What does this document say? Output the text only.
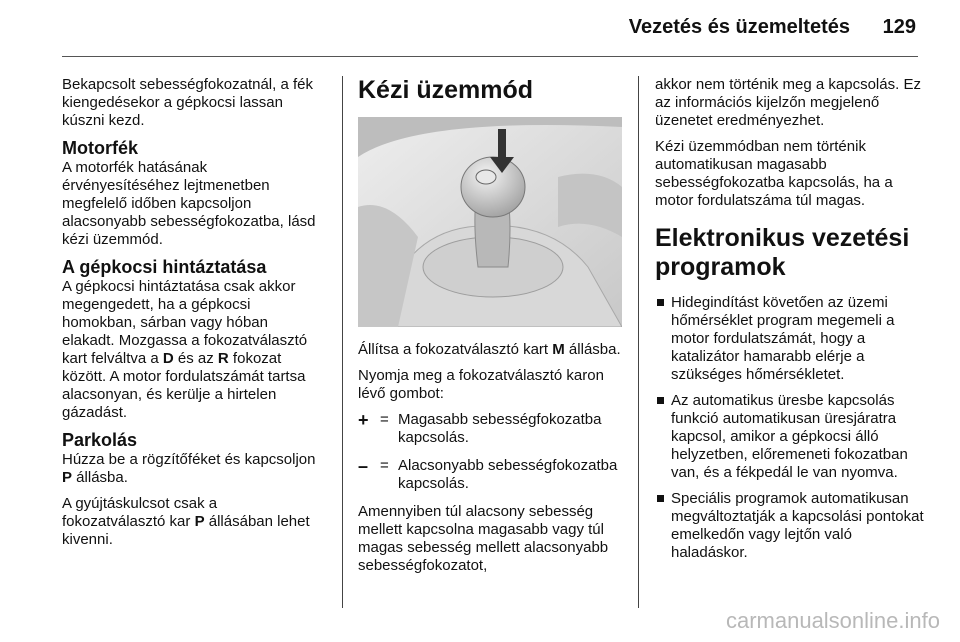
Vezetés és üzemeltetés 129

Bekapcsolt sebességfokozatnál, a fék kiengedésekor a gépkocsi lassan kúszni kezd.

Motorfék

A motorfék hatásának érvényesítéséhez lejtmenetben megfelelő időben kapcsoljon alacsonyabb sebességfokozatba, lásd kézi üzemmód.

A gépkocsi hintáztatása

A gépkocsi hintáztatása csak akkor megengedett, ha a gépkocsi homokban, sárban vagy hóban elakadt. Mozgassa a fokozatválasztó kart felváltva a D és az R fokozat között. A motor fordulatszámát tartsa alacsonyan, és kerülje a hirtelen gázadást.

Parkolás

Húzza be a rögzítőféket és kapcsoljon P állásba.

A gyújtáskulcsot csak a fokozatválasztó kar P állásában lehet kivenni.

Kézi üzemmód

Állítsa a fokozatválasztó kart M állásba.

Nyomja meg a fokozatválasztó karon lévő gombot:

+ = Magasabb sebességfokozatba kapcsolás.
– = Alacsonyabb sebességfokozatba kapcsolás.

Amennyiben túl alacsony sebesség mellett kapcsolna magasabb vagy túl magas sebesség mellett alacsonyabb sebességfokozatot,

akkor nem történik meg a kapcsolás. Ez az információs kijelzőn megjelenő üzenetet eredményezhet.

Kézi üzemmódban nem történik automatikusan magasabb sebességfokozatba kapcsolás, ha a motor fordulatszáma túl magas.

Elektronikus vezetési programok
Hidegindítást követően az üzemi hőmérséklet program megemeli a motor fordulatszámát, hogy a katalizátor hamarabb elérje a szükséges hőmérsékletet.
Az automatikus üresbe kapcsolás funkció automatikusan üresjáratra kapcsol, amikor a gépkocsi álló helyzetben, előremeneti fokozatban van, és a fékpedál le van nyomva.
Speciális programok automatikusan megváltoztatják a kapcsolási pontokat emelkedőn vagy lejtőn való haladáskor.
carmanualsonline.info
